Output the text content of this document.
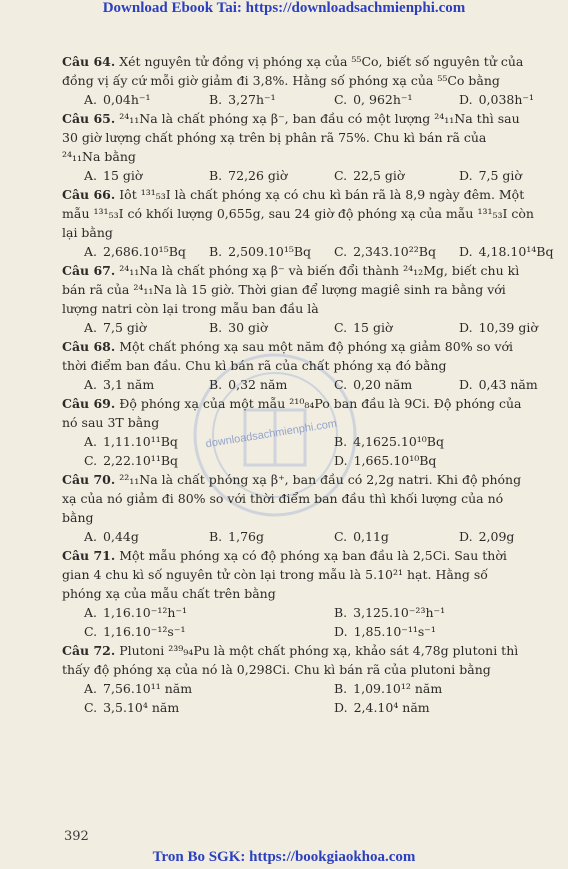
Download Ebook Tai: https://downloadsachmienphi.com
downloadsachmienphi.com
Câu 64. Xét nguyên tử đồng vị phóng xạ của ⁵⁵Co, biết số nguyên tử của
đồng vị ấy cứ mỗi giờ giảm đi 3,8%. Hằng số phóng xạ của ⁵⁵Co bằng
A. 0,04h⁻¹	B. 3,27h⁻¹	C. 0, 962h⁻¹	D. 0,038h⁻¹
Câu 65. ²⁴₁₁Na là chất phóng xạ β⁻, ban đầu có một lượng ²⁴₁₁Na thì sau
30 giờ lượng chất phóng xạ trên bị phân rã 75%. Chu kì bán rã của
²⁴₁₁Na bằng
A. 15 giờ	B. 72,26 giờ	C. 22,5 giờ	D. 7,5 giờ
Câu 66. Iôt ¹³¹₅₃I là chất phóng xạ có chu kì bán rã là 8,9 ngày đêm. Một
mẫu ¹³¹₅₃I có khối lượng 0,655g, sau 24 giờ độ phóng xạ của mẫu ¹³¹₅₃I còn
lại bằng
A. 2,686.10¹⁵Bq	B. 2,509.10¹⁵Bq	C. 2,343.10²²Bq	D. 4,18.10¹⁴Bq
Câu 67. ²⁴₁₁Na là chất phóng xạ β⁻ và biến đổi thành ²⁴₁₂Mg, biết chu kì
bán rã của ²⁴₁₁Na là 15 giờ. Thời gian để lượng magiê sinh ra bằng với
lượng natri còn lại trong mẫu ban đầu là
A. 7,5 giờ	B. 30 giờ	C. 15 giờ	D. 10,39 giờ
Câu 68. Một chất phóng xạ sau một năm độ phóng xạ giảm 80% so với
thời điểm ban đầu. Chu kì bán rã của chất phóng xạ đó bằng
A. 3,1 năm	B. 0,32 năm	C. 0,20 năm	D. 0,43 năm
Câu 69. Độ phóng xạ của một mẫu ²¹⁰₈₄Po ban đầu là 9Ci. Độ phóng của
nó sau 3T bằng
A. 1,11.10¹¹Bq	B. 4,1625.10¹⁰Bq
C. 2,22.10¹¹Bq	D. 1,665.10¹⁰Bq
Câu 70. ²²₁₁Na là chất phóng xạ β⁺, ban đầu có 2,2g natri. Khi độ phóng
xạ của nó giảm đi 80% so với thời điểm ban đầu thì khối lượng của nó
bằng
A. 0,44g	B. 1,76g	C. 0,11g	D. 2,09g
Câu 71. Một mẫu phóng xạ có độ phóng xạ ban đầu là 2,5Ci. Sau thời
gian 4 chu kì số nguyên tử còn lại trong mẫu là 5.10²¹ hạt. Hằng số
phóng xạ của mẫu chất trên bằng
A. 1,16.10⁻¹²h⁻¹	B. 3,125.10⁻²³h⁻¹
C. 1,16.10⁻¹²s⁻¹	D. 1,85.10⁻¹¹s⁻¹
Câu 72. Plutoni ²³⁹₉₄Pu là một chất phóng xạ, khảo sát 4,78g plutoni thì
thấy độ phóng xạ của nó là 0,298Ci. Chu kì bán rã của plutoni bằng
A. 7,56.10¹¹ năm	B. 1,09.10¹² năm
C. 3,5.10⁴ năm	D. 2,4.10⁴ năm
392
Tron Bo SGK: https://bookgiaokhoa.com
